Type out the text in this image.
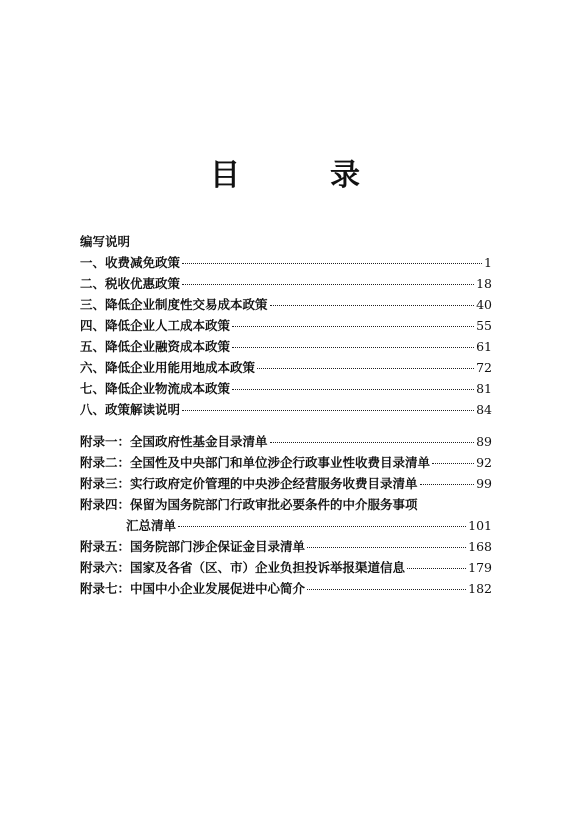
目　录
编写说明
一、收费减免政策	1
二、税收优惠政策	18
三、降低企业制度性交易成本政策	40
四、降低企业人工成本政策	55
五、降低企业融资成本政策	61
六、降低企业用能用地成本政策	72
七、降低企业物流成本政策	81
八、政策解读说明	84
附录一：全国政府性基金目录清单	89
附录二：全国性及中央部门和单位涉企行政事业性收费目录清单	92
附录三：实行政府定价管理的中央涉企经营服务收费目录清单	99
附录四：保留为国务院部门行政审批必要条件的中介服务事项
汇总清单	101
附录五：国务院部门涉企保证金目录清单	168
附录六：国家及各省（区、市）企业负担投诉举报渠道信息	179
附录七：中国中小企业发展促进中心简介	182
